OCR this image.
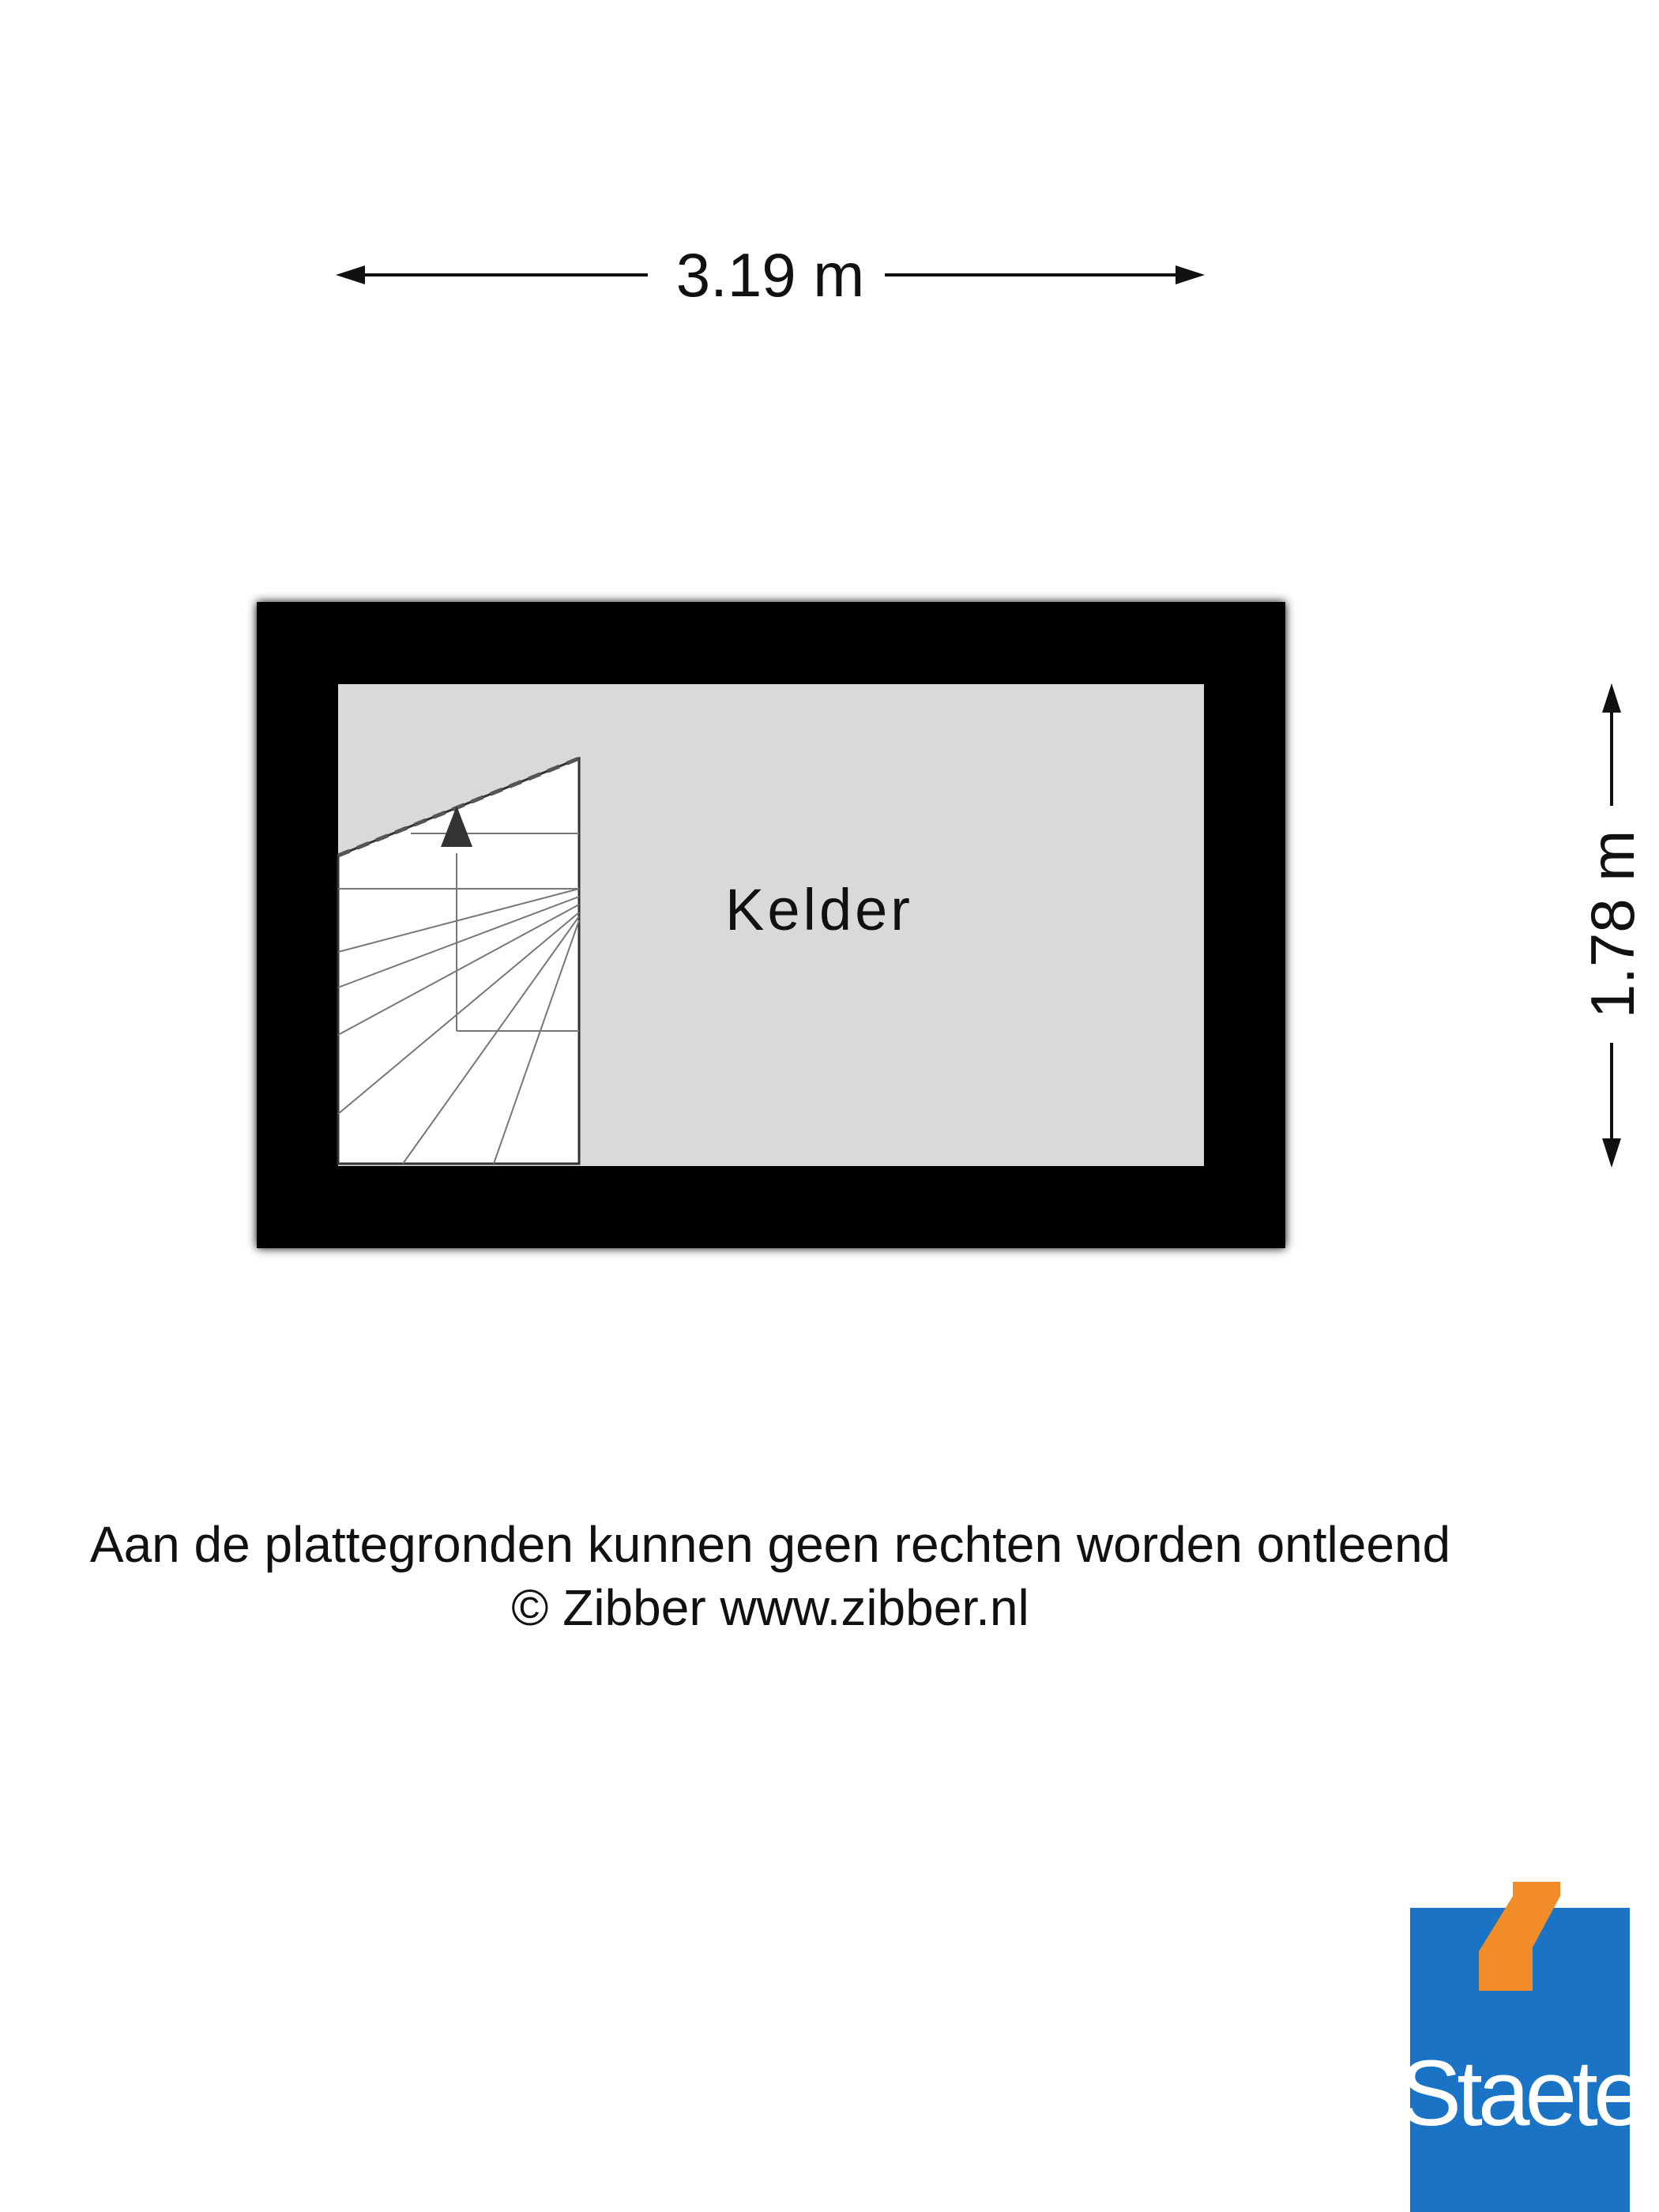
3.19 m
1.78 m
Kelder
Staete
Aan de plattegronden kunnen geen rechten worden ontleend
© Zibber www.zibber.nl
